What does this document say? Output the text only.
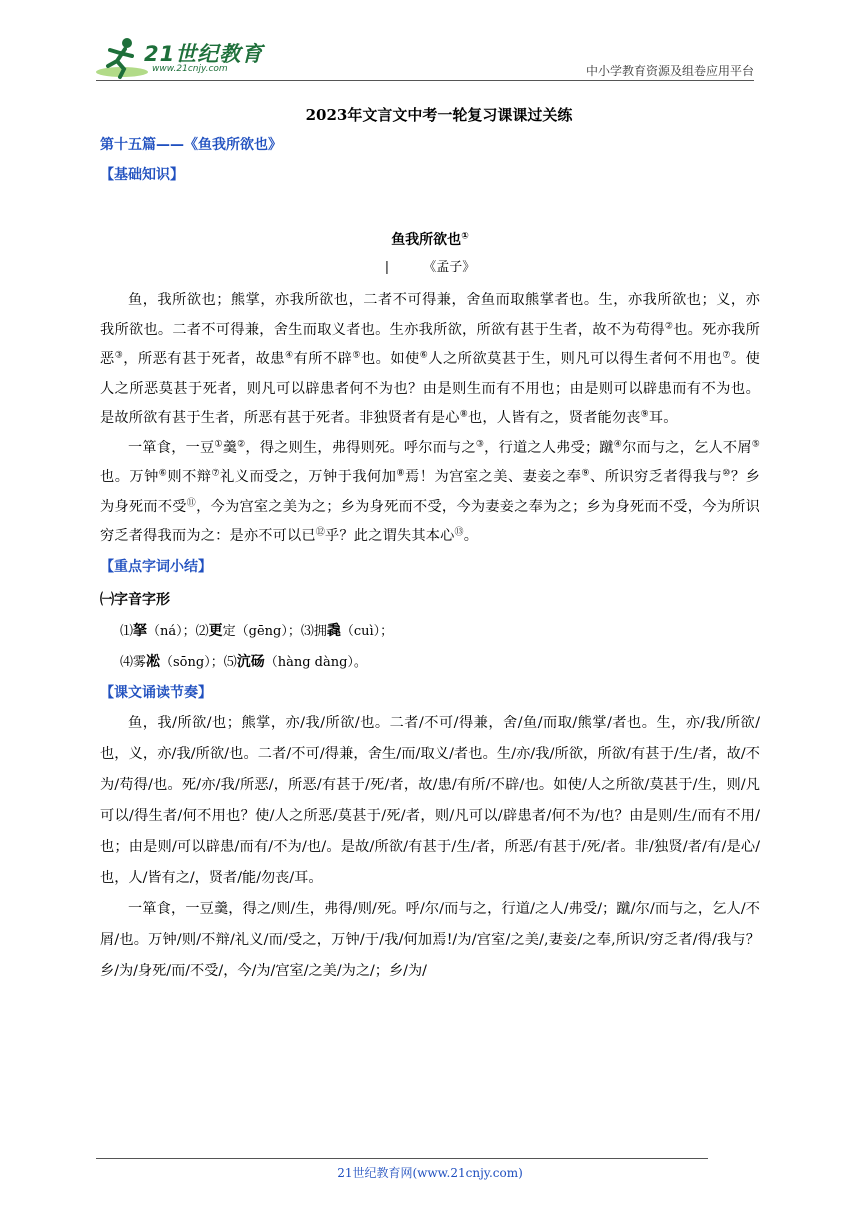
21世纪教育
www.21cnjy.com	中小学教育资源及组卷应用平台

2023年文言文中考一轮复习课课过关练

第十五篇——《鱼我所欲也》

【基础知识】

鱼我所欲也①
|	《孟子》

鱼，我所欲也；熊掌，亦我所欲也，二者不可得兼，舍鱼而取熊掌者也。生，亦我所欲也；义，亦我所欲也。二者不可得兼，舍生而取义者也。生亦我所欲，所欲有甚于生者，故不为苟得②也。死亦我所恶③，所恶有甚于死者，故患④有所不辟⑤也。如使⑥人之所欲莫甚于生，则凡可以得生者何不用也⑦。使人之所恶莫甚于死者，则凡可以辟患者何不为也？由是则生而有不用也；由是则可以辟患而有不为也。是故所欲有甚于生者，所恶有甚于死者。非独贤者有是心⑧也，人皆有之，贤者能勿丧⑨耳。

一箪食，一豆①羹②，得之则生，弗得则死。呼尔而与之③，行道之人弗受；蹴④尔而与之，乞人不屑⑤也。万钟⑥则不辩⑦礼义而受之，万钟于我何加⑧焉！为宫室之美、妻妾之奉⑨、所识穷乏者得我与⑩？乡为身死而不受⑪，今为宫室之美为之；乡为身死而不受，今为妻妾之奉为之；乡为身死而不受，今为所识穷乏者得我而为之：是亦不可以已⑫乎？此之谓失其本心⑬。

【重点字词小结】

㈠字音字形

⑴拏（ná）；⑵更定（gēng）；⑶拥毳（cuì）；

⑷雾凇（sōng）；⑸沆砀（hàng dàng）。

【课文诵读节奏】

鱼，我/所欲/也；熊掌，亦/我/所欲/也。二者/不可/得兼，舍/鱼/而取/熊掌/者也。生，亦/我/所欲/也，义，亦/我/所欲/也。二者/不可/得兼，舍生/而/取义/者也。生/亦/我/所欲，所欲/有甚于/生/者，故/不为/苟得/也。死/亦/我/所恶/，所恶/有甚于/死/者，故/患/有所/不辟/也。如使/人之所欲/莫甚于/生，则/凡可以/得生者/何不用也？使/人之所恶/莫甚于/死/者，则/凡可以/辟患者/何不为/也？由是则/生/而有不用/也；由是则/可以辟患/而有/不为/也/。是故/所欲/有甚于/生/者，所恶/有甚于/死/者。非/独贤/者/有/是心/也，人/皆有之/，贤者/能/勿丧/耳。

一箪食，一豆羹，得之/则/生，弗得/则/死。呼/尔/而与之，行道/之人/弗受/；蹴/尔/而与之，乞人/不屑/也。万钟/则/不辩/礼义/而/受之，万钟/于/我/何加焉!/为/宫室/之美/,妻妾/之奉,所识/穷乏者/得/我与？乡/为/身死/而/不受/，今/为/宫室/之美/为之/；乡/为/

21世纪教育网(www.21cnjy.com)
